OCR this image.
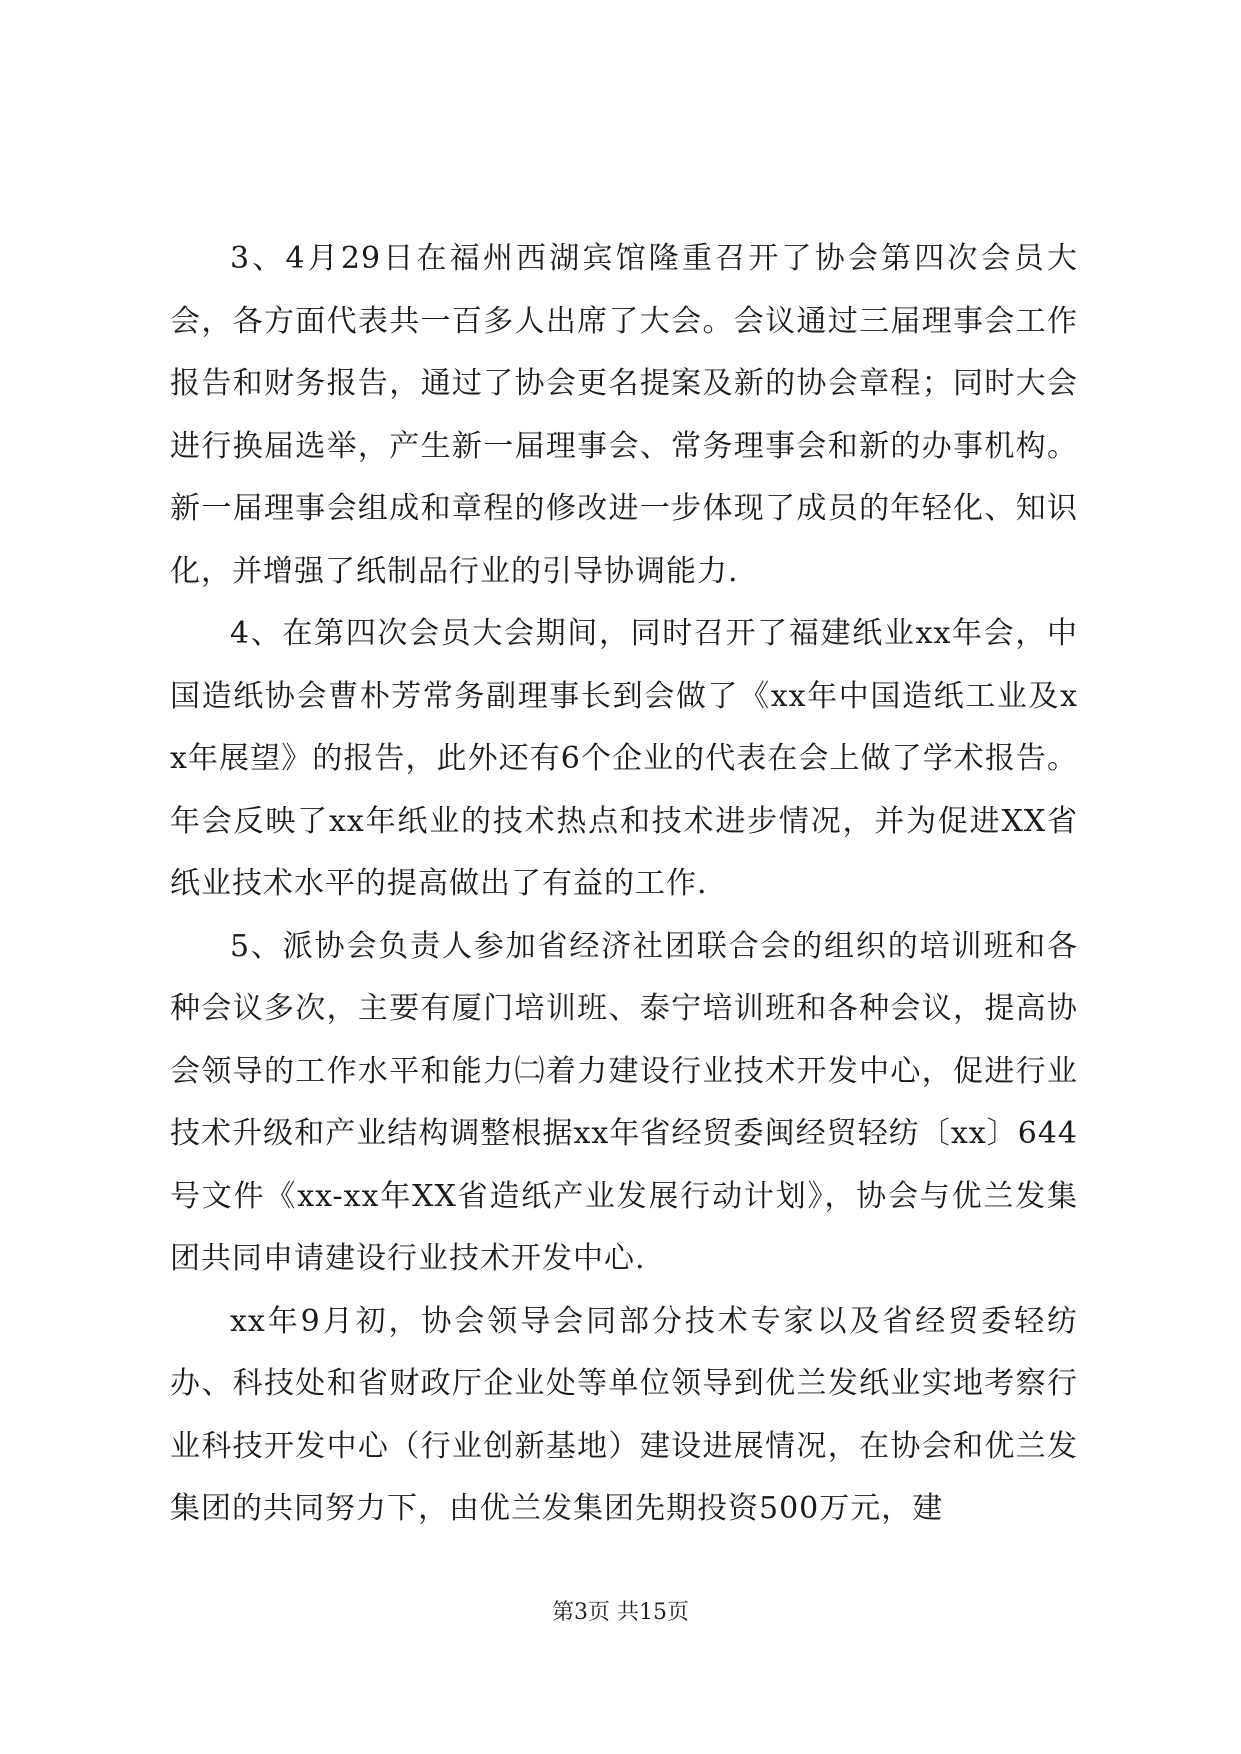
3、4月29日在福州西湖宾馆隆重召开了协会第四次会员大会，各方面代表共一百多人出席了大会。会议通过三届理事会工作报告和财务报告，通过了协会更名提案及新的协会章程；同时大会进行换届选举，产生新一届理事会、常务理事会和新的办事机构。新一届理事会组成和章程的修改进一步体现了成员的年轻化、知识化，并增强了纸制品行业的引导协调能力.

4、在第四次会员大会期间，同时召开了福建纸业xx年会，中国造纸协会曹朴芳常务副理事长到会做了《xx年中国造纸工业及xx年展望》的报告，此外还有6个企业的代表在会上做了学术报告。年会反映了xx年纸业的技术热点和技术进步情况，并为促进XX省纸业技术水平的提高做出了有益的工作.

5、派协会负责人参加省经济社团联合会的组织的培训班和各种会议多次，主要有厦门培训班、泰宁培训班和各种会议，提高协会领导的工作水平和能力㈡着力建设行业技术开发中心，促进行业技术升级和产业结构调整根据xx年省经贸委闽经贸轻纺〔xx〕644号文件《xx-xx年XX省造纸产业发展行动计划》，协会与优兰发集团共同申请建设行业技术开发中心.

xx年9月初，协会领导会同部分技术专家以及省经贸委轻纺办、科技处和省财政厅企业处等单位领导到优兰发纸业实地考察行业科技开发中心（行业创新基地）建设进展情况，在协会和优兰发集团的共同努力下，由优兰发集团先期投资500万元，建

第3页 共15页
